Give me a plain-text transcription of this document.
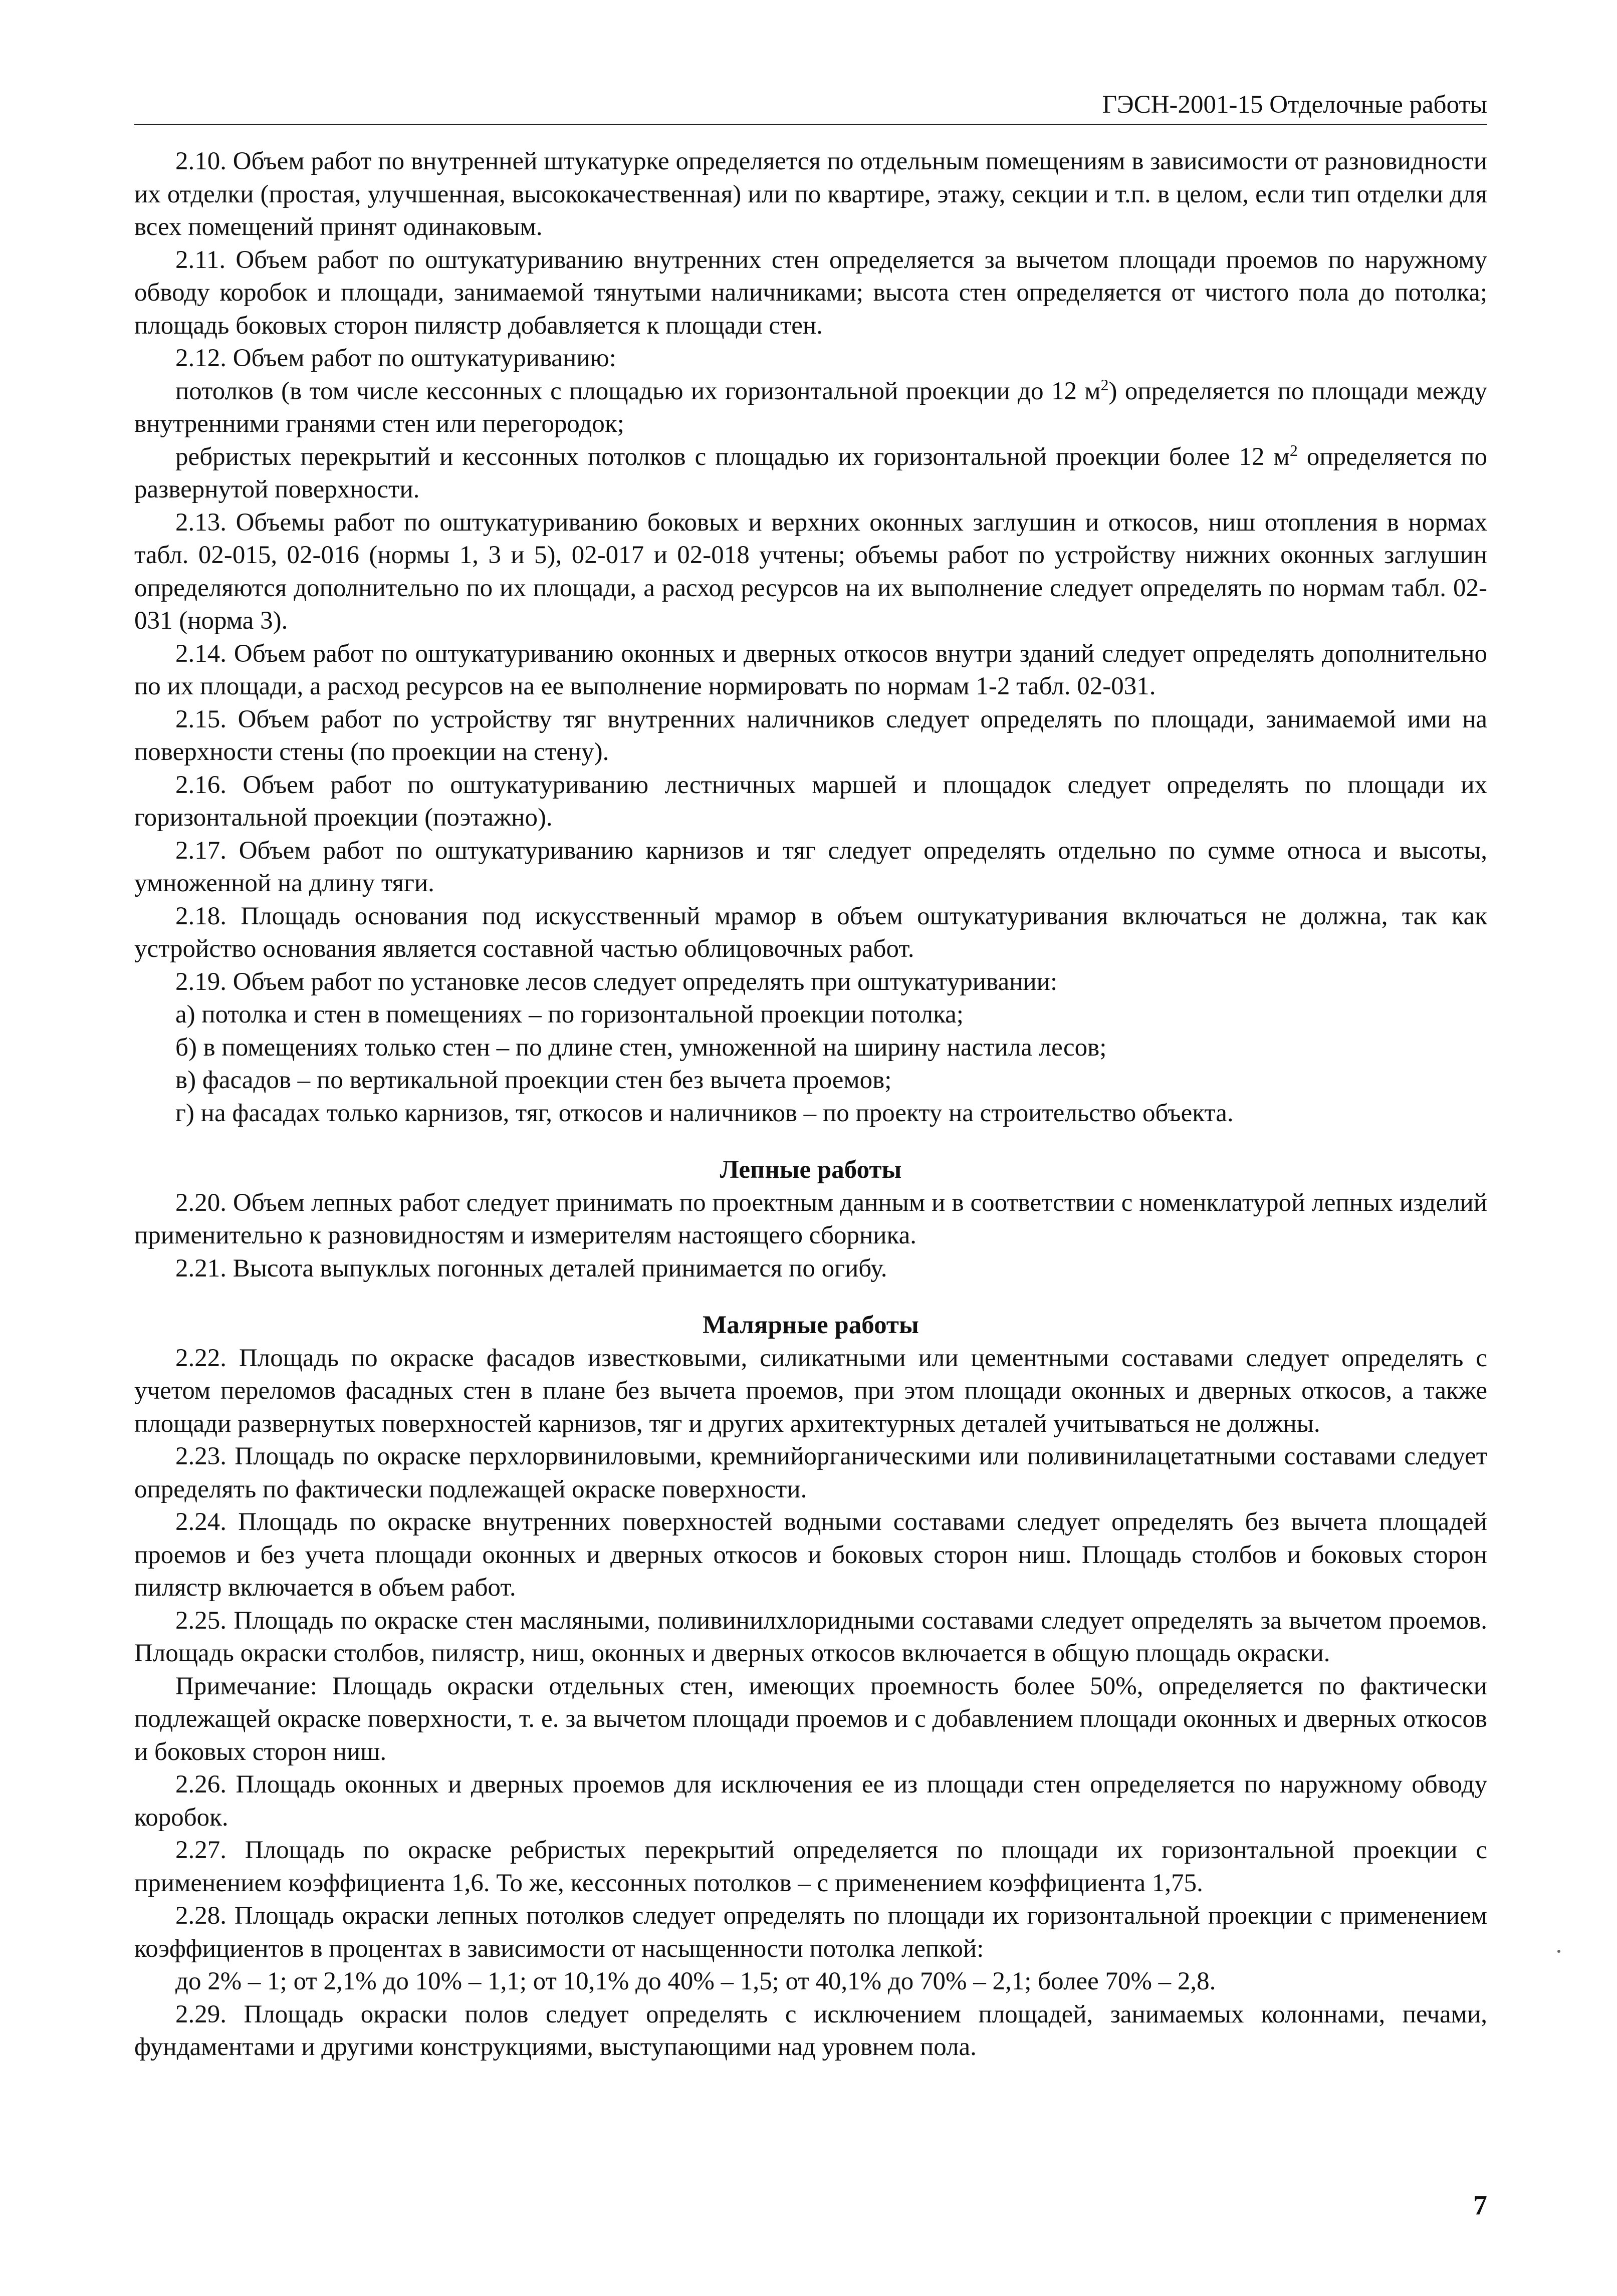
ГЭСН-2001-15 Отделочные работы

2.10. Объем работ по внутренней штукатурке определяется по отдельным помещениям в зависимости от разновидности их отделки (простая, улучшенная, высококачественная) или по квартире, этажу, секции и т.п. в целом, если тип отделки для всех помещений принят одинаковым.

2.11. Объем работ по оштукатуриванию внутренних стен определяется за вычетом площади проемов по наружному обводу коробок и площади, занимаемой тянутыми наличниками; высота стен определяется от чистого пола до потолка; площадь боковых сторон пилястр добавляется к площади стен.

2.12. Объем работ по оштукатуриванию:

потолков (в том числе кессонных с площадью их горизонтальной проекции до 12 $м^2$) определяется по площади между внутренними гранями стен или перегородок;

ребристых перекрытий и кессонных потолков с площадью их горизонтальной проекции более 12 $м^2$ определяется по развернутой поверхности.

2.13. Объемы работ по оштукатуриванию боковых и верхних оконных заглушин и откосов, ниш отопления в нормах табл. 02-015, 02-016 (нормы 1, 3 и 5), 02-017 и 02-018 учтены; объемы работ по устройству нижних оконных заглушин определяются дополнительно по их площади, а расход ресурсов на их выполнение следует определять по нормам табл. 02-031 (норма 3).

2.14. Объем работ по оштукатуриванию оконных и дверных откосов внутри зданий следует определять дополнительно по их площади, а расход ресурсов на ее выполнение нормировать по нормам 1-2 табл. 02-031.

2.15. Объем работ по устройству тяг внутренних наличников следует определять по площади, занимаемой ими на поверхности стены (по проекции на стену).

2.16. Объем работ по оштукатуриванию лестничных маршей и площадок следует определять по площади их горизонтальной проекции (поэтажно).

2.17. Объем работ по оштукатуриванию карнизов и тяг следует определять отдельно по сумме относа и высоты, умноженной на длину тяги.

2.18. Площадь основания под искусственный мрамор в объем оштукатуривания включаться не должна, так как устройство основания является составной частью облицовочных работ.

2.19. Объем работ по установке лесов следует определять при оштукатуривании:

а) потолка и стен в помещениях – по горизонтальной проекции потолка;

б) в помещениях только стен – по длине стен, умноженной на ширину настила лесов;

в) фасадов – по вертикальной проекции стен без вычета проемов;

г) на фасадах только карнизов, тяг, откосов и наличников – по проекту на строительство объекта.

Лепные работы

2.20. Объем лепных работ следует принимать по проектным данным и в соответствии с номенклатурой лепных изделий применительно к разновидностям и измерителям настоящего сборника.

2.21. Высота выпуклых погонных деталей принимается по огибу.

Малярные работы

2.22. Площадь по окраске фасадов известковыми, силикатными или цементными составами следует определять с учетом переломов фасадных стен в плане без вычета проемов, при этом площади оконных и дверных откосов, а также площади развернутых поверхностей карнизов, тяг и других архитектурных деталей учитываться не должны.

2.23. Площадь по окраске перхлорвиниловыми, кремнийорганическими или поливинилацетатными составами следует определять по фактически подлежащей окраске поверхности.

2.24. Площадь по окраске внутренних поверхностей водными составами следует определять без вычета площадей проемов и без учета площади оконных и дверных откосов и боковых сторон ниш. Площадь столбов и боковых сторон пилястр включается в объем работ.

2.25. Площадь по окраске стен масляными, поливинилхлоридными составами следует определять за вычетом проемов. Площадь окраски столбов, пилястр, ниш, оконных и дверных откосов включается в общую площадь окраски.

Примечание: Площадь окраски отдельных стен, имеющих проемность более 50%, определяется по фактически подлежащей окраске поверхности, т. е. за вычетом площади проемов и с добавлением площади оконных и дверных откосов и боковых сторон ниш.

2.26. Площадь оконных и дверных проемов для исключения ее из площади стен определяется по наружному обводу коробок.

2.27. Площадь по окраске ребристых перекрытий определяется по площади их горизонтальной проекции с применением коэффициента 1,6. То же, кессонных потолков – с применением коэффициента 1,75.

2.28. Площадь окраски лепных потолков следует определять по площади их горизонтальной проекции с применением коэффициентов в процентах в зависимости от насыщенности потолка лепкой:

до 2% – 1; от 2,1% до 10% – 1,1; от 10,1% до 40% – 1,5; от 40,1% до 70% – 2,1; более 70% – 2,8.

2.29. Площадь окраски полов следует определять с исключением площадей, занимаемых колоннами, печами, фундаментами и другими конструкциями, выступающими над уровнем пола.

7
